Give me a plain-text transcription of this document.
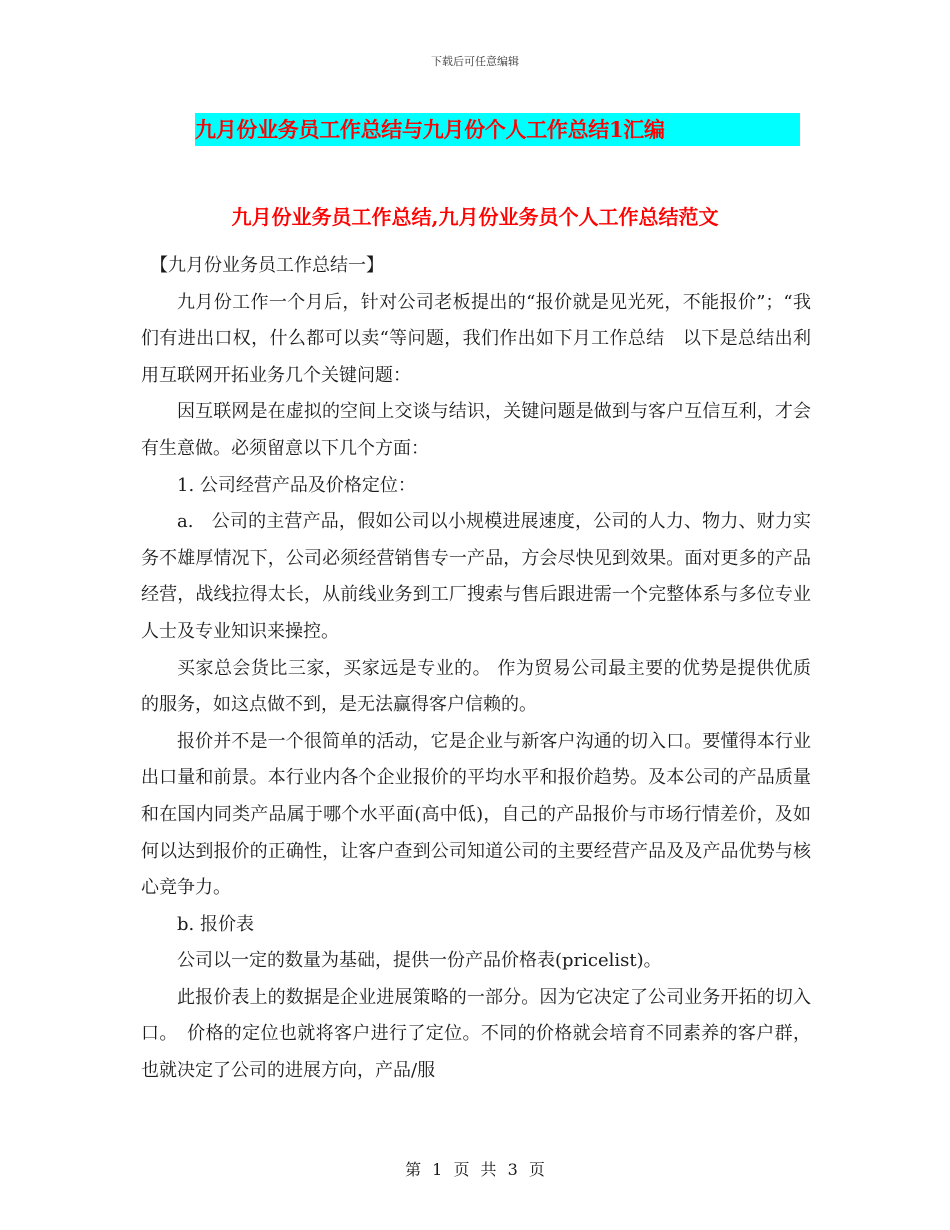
下载后可任意编辑
九月份业务员工作总结与九月份个人工作总结1汇编
九月份业务员工作总结,九月份业务员个人工作总结范文

【九月份业务员工作总结一】

九月份工作一个月后，针对公司老板提出的“报价就是见光死，不能报价”；“我们有进出口权，什么都可以卖“等问题，我们作出如下月工作总结　以下是总结出利用互联网开拓业务几个关键问题：

因互联网是在虚拟的空间上交谈与结识，关键问题是做到与客户互信互利，才会有生意做。必须留意以下几个方面：

1. 公司经营产品及价格定位：

a.　公司的主营产品，假如公司以小规模进展速度，公司的人力、物力、财力实务不雄厚情况下，公司必须经营销售专一产品，方会尽快见到效果。面对更多的产品经营，战线拉得太长，从前线业务到工厂搜索与售后跟进需一个完整体系与多位专业人士及专业知识来操控。

买家总会货比三家，买家远是专业的。 作为贸易公司最主要的优势是提供优质的服务，如这点做不到，是无法赢得客户信赖的。

报价并不是一个很简单的活动，它是企业与新客户沟通的切入口。要懂得本行业出口量和前景。本行业内各个企业报价的平均水平和报价趋势。及本公司的产品质量和在国内同类产品属于哪个水平面(高中低)，自己的产品报价与市场行情差价，及如何以达到报价的正确性，让客户查到公司知道公司的主要经营产品及及产品优势与核心竞争力。

b. 报价表

公司以一定的数量为基础，提供一份产品价格表(pricelist)。

此报价表上的数据是企业进展策略的一部分。因为它决定了公司业务开拓的切入口。　价格的定位也就将客户进行了定位。不同的价格就会培育不同素养的客户群，也就决定了公司的进展方向，产品/服

第 1 页 共 3 页
